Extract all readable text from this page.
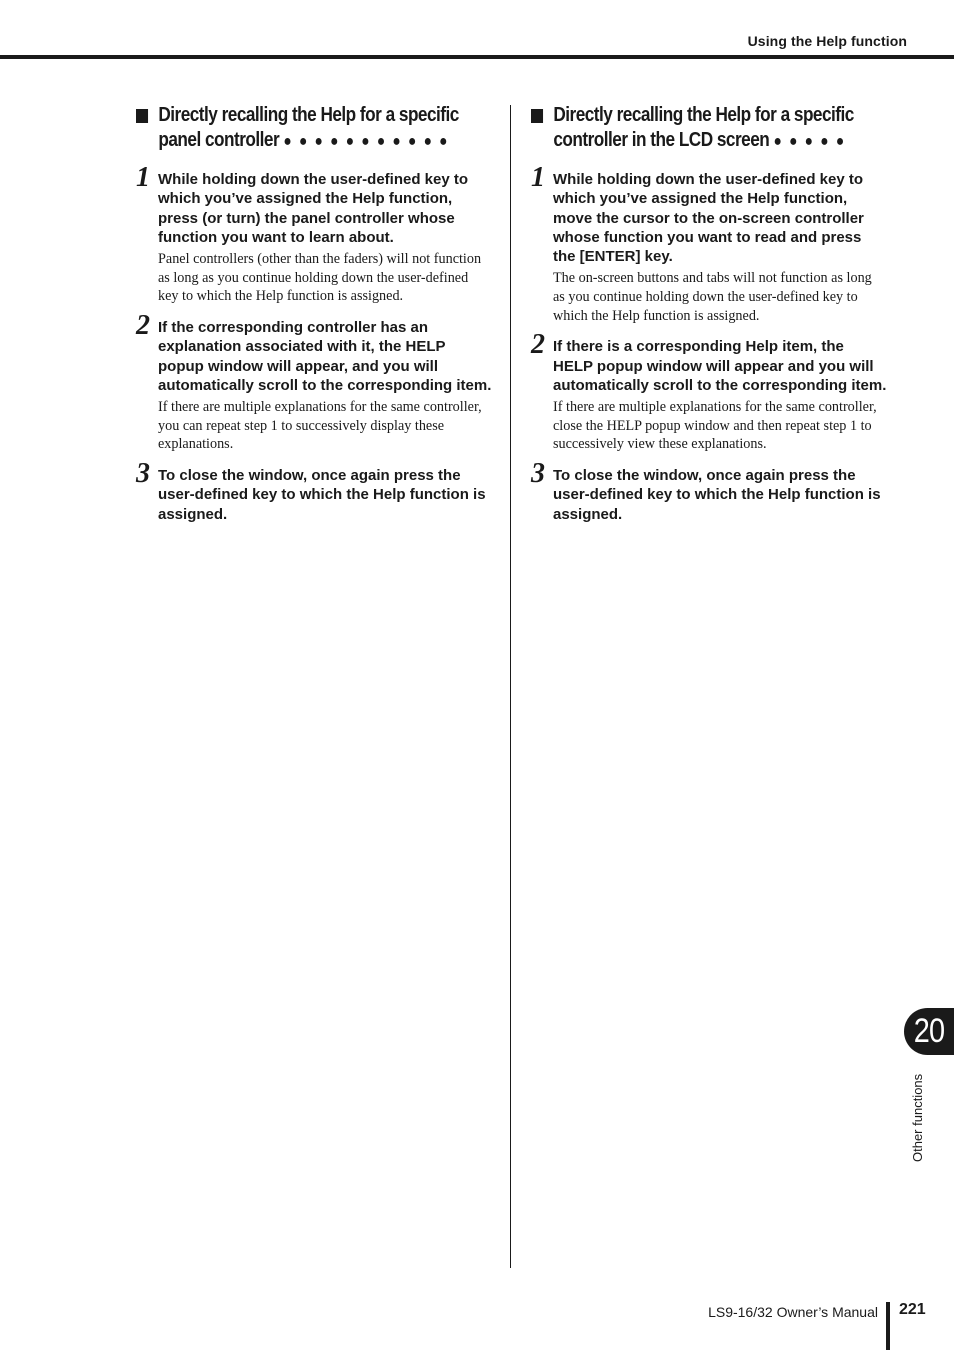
Using the Help function
Directly recalling the Help for a specific
panel controller ● ● ● ● ● ● ● ● ● ● ●
1 While holding down the user-defined key to which you’ve assigned the Help function, press (or turn) the panel controller whose function you want to learn about.
Panel controllers (other than the faders) will not function as long as you continue holding down the user-defined key to which the Help function is assigned.
2 If the corresponding controller has an explanation associated with it, the HELP popup window will appear, and you will automatically scroll to the corresponding item.
If there are multiple explanations for the same controller, you can repeat step 1 to successively display these explanations.
3 To close the window, once again press the user-defined key to which the Help function is assigned.
Directly recalling the Help for a specific
controller in the LCD screen ● ● ● ● ●
1 While holding down the user-defined key to which you’ve assigned the Help function, move the cursor to the on-screen controller whose function you want to read and press the [ENTER] key.
The on-screen buttons and tabs will not function as long as you continue holding down the user-defined key to which the Help function is assigned.
2 If there is a corresponding Help item, the HELP popup window will appear and you will automatically scroll to the corresponding item.
If there are multiple explanations for the same controller, close the HELP popup window and then repeat step 1 to successively view these explanations.
3 To close the window, once again press the user-defined key to which the Help function is assigned.
20
Other functions
LS9-16/32 Owner’s Manual 221
